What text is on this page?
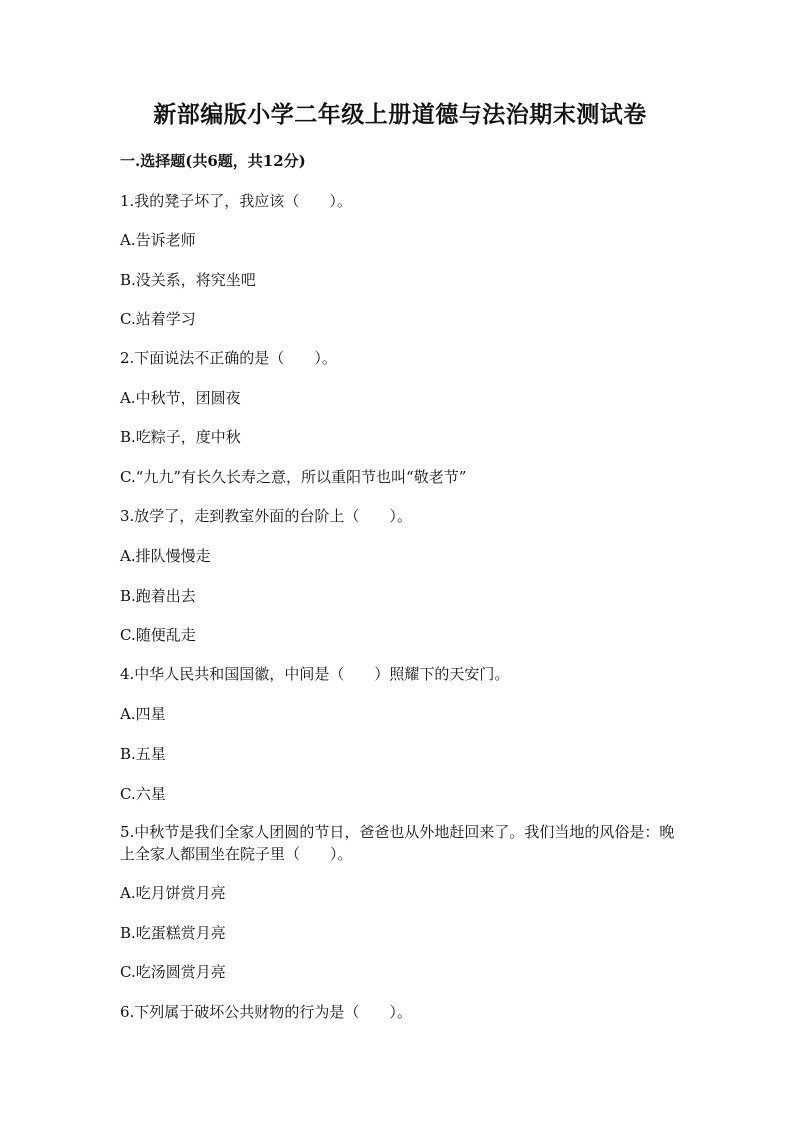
新部编版小学二年级上册道德与法治期末测试卷
一.选择题(共6题，共12分)
1.我的凳子坏了，我应该（　　）。
A.告诉老师
B.没关系，将究坐吧
C.站着学习
2.下面说法不正确的是（　　）。
A.中秋节，团圆夜
B.吃粽子，度中秋
C.“九九”有长久长寿之意，所以重阳节也叫“敬老节”
3.放学了，走到教室外面的台阶上（　　）。
A.排队慢慢走
B.跑着出去
C.随便乱走
4.中华人民共和国国徽，中间是（　　）照耀下的天安门。
A.四星
B.五星
C.六星
5.中秋节是我们全家人团圆的节日，爸爸也从外地赶回来了。我们当地的风俗是：晚上全家人都围坐在院子里（　　）。
A.吃月饼赏月亮
B.吃蛋糕赏月亮
C.吃汤圆赏月亮
6.下列属于破坏公共财物的行为是（　　）。
